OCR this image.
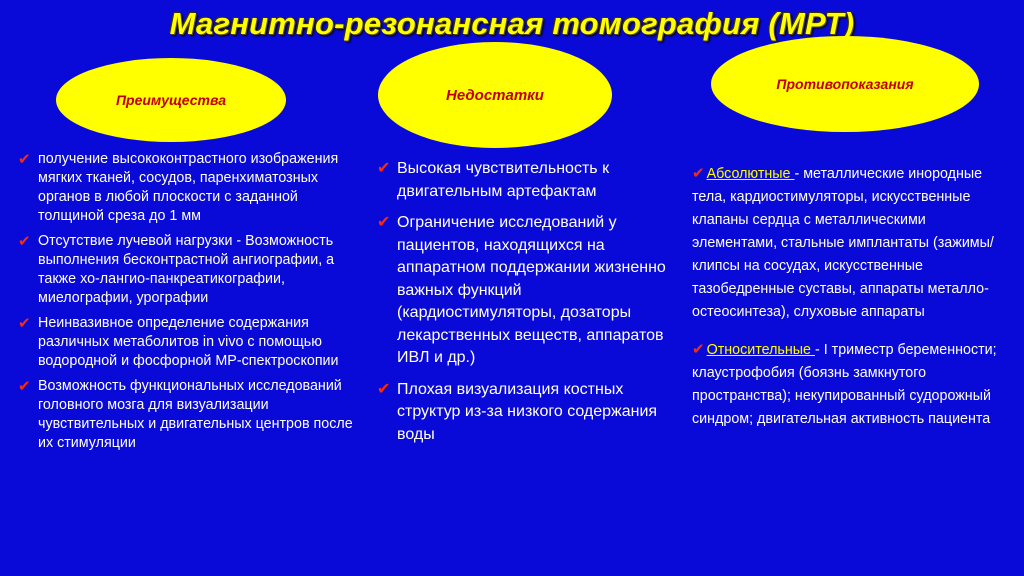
Магнитно-резонансная томография (МРТ)
Преимущества	Недостатки
Противопоказания
✔ получение высококонтрастного изображения мягких тканей, сосудов, паренхиматозных органов в любой плоскости с заданной толщиной среза до 1 мм
✔ Отсутствие лучевой нагрузки - Возможность выполнения бесконтрастной ангиографии, а также хо-лангио-панкреатикографии, миелографии, урографии
✔ Неинвазивное определение содержания различных метаболитов in vivo с помощью водородной и фосфорной МР-спектроскопии
✔ Возможность функциональных исследований головного мозга для визуализации чувствительных и двигательных центров после их стимуляции
✔ Высокая чувствительность к двигательным артефактам
✔ Ограничение исследований у пациентов, находящихся на аппаратном поддержании жизненно важных функций (кардиостимуляторы, дозаторы лекарственных веществ, аппаратов ИВЛ и др.)
✔ Плохая визуализация костных структур из-за низкого содержания воды

✔ Абсолютные - металлические инородные тела, кардиостимуляторы, искусственные клапаны сердца с металлическими элементами, стальные имплантаты (зажимы/клипсы на сосудах, искусственные тазобедренные суставы, аппараты металло-остеосинтеза), слуховые аппараты

✔ Относительные - I триместр беременности; клаустрофобия (боязнь замкнутого пространства); некупированный судорожный синдром; двигательная активность пациента
